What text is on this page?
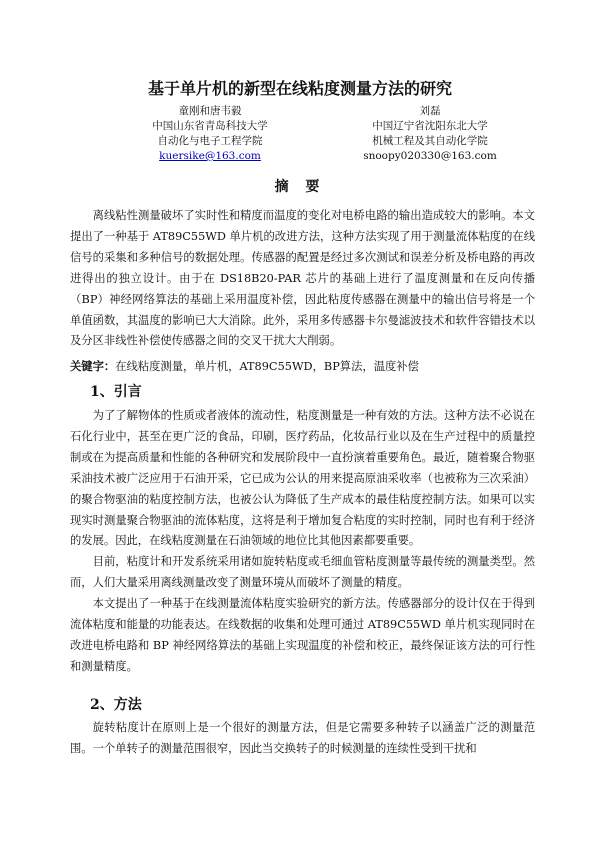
基于单片机的新型在线粘度测量方法的研究
童刚和唐韦毅
中国山东省青岛科技大学
自动化与电子工程学院
kuersike@163.com
刘磊
中国辽宁省沈阳东北大学
机械工程及其自动化学院
snoopy020330@163.com
摘 要

离线粘性测量破坏了实时性和精度而温度的变化对电桥电路的输出造成较大的影响。本文提出了一种基于 AT89C55WD 单片机的改进方法，这种方法实现了用于测量流体粘度的在线信号的采集和多种信号的数据处理。传感器的配置是经过多次测试和误差分析及桥电路的再改进得出的独立设计。由于在 DS18B20-PAR 芯片的基础上进行了温度测量和在反向传播（BP）神经网络算法的基础上采用温度补偿，因此粘度传感器在测量中的输出信号将是一个单值函数，其温度的影响已大大消除。此外，采用多传感器卡尔曼滤波技术和软件容错技术以及分区非线性补偿使传感器之间的交叉干扰大大削弱。

关键字：在线粘度测量，单片机，AT89C55WD，BP算法，温度补偿
1、引言

为了了解物体的性质或者液体的流动性，粘度测量是一种有效的方法。这种方法不必说在石化行业中，甚至在更广泛的食品，印刷，医疗药品，化妆品行业以及在生产过程中的质量控制或在为提高质量和性能的各种研究和发展阶段中一直扮演着重要角色。最近，随着聚合物驱采油技术被广泛应用于石油开采，它已成为公认的用来提高原油采收率（也被称为三次采油）的聚合物驱油的粘度控制方法，也被公认为降低了生产成本的最佳粘度控制方法。如果可以实现实时测量聚合物驱油的流体粘度，这将是利于增加复合粘度的实时控制，同时也有利于经济的发展。因此，在线粘度测量在石油领域的地位比其他因素都要重要。

目前，粘度计和开发系统采用诸如旋转粘度或毛细血管粘度测量等最传统的测量类型。然而，人们大量采用离线测量改变了测量环境从而破坏了测量的精度。

本文提出了一种基于在线测量流体粘度实验研究的新方法。传感器部分的设计仅在于得到流体粘度和能量的功能表达。在线数据的收集和处理可通过 AT89C55WD 单片机实现同时在改进电桥电路和 BP 神经网络算法的基础上实现温度的补偿和校正，最终保证该方法的可行性和测量精度。

2、方法

旋转粘度计在原则上是一个很好的测量方法，但是它需要多种转子以涵盖广泛的测量范围。一个单转子的测量范围很窄，因此当交换转子的时候测量的连续性受到干扰和
